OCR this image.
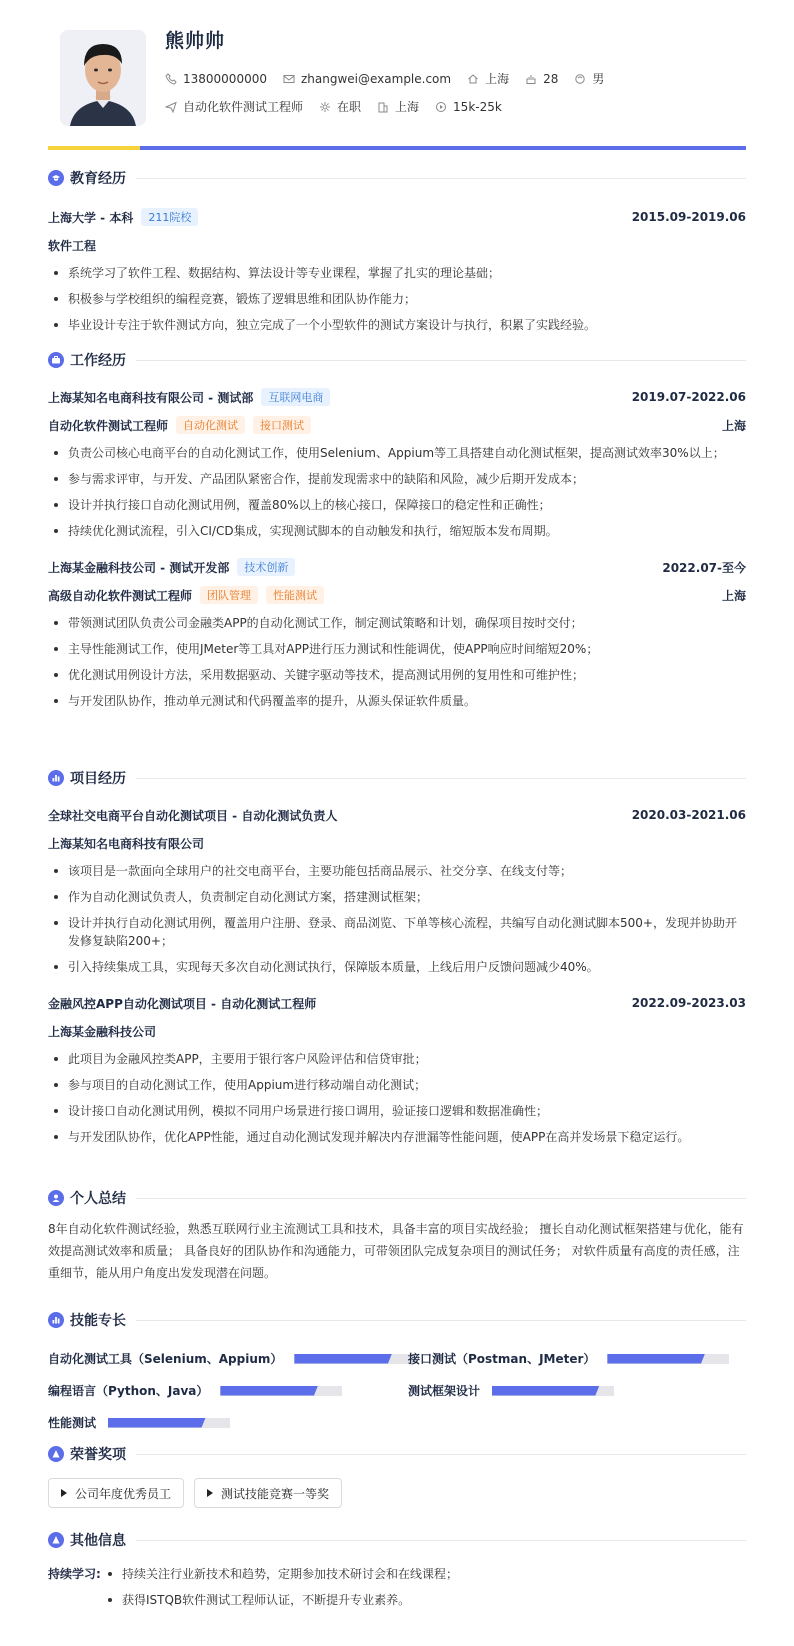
熊帅帅
13800000000	zhangwei@example.com	上海	28	男
自动化软件测试工程师	在职	上海	15k-25k
教育经历
上海大学 - 本科	211院校	2015.09-2019.06
软件工程
系统学习了软件工程、数据结构、算法设计等专业课程，掌握了扎实的理论基础；
积极参与学校组织的编程竞赛，锻炼了逻辑思维和团队协作能力；
毕业设计专注于软件测试方向，独立完成了一个小型软件的测试方案设计与执行，积累了实践经验。
工作经历
上海某知名电商科技有限公司 - 测试部	互联网电商	2019.07-2022.06
自动化软件测试工程师	自动化测试	接口测试	上海
负责公司核心电商平台的自动化测试工作，使用Selenium、Appium等工具搭建自动化测试框架，提高测试效率30%以上；
参与需求评审，与开发、产品团队紧密合作，提前发现需求中的缺陷和风险，减少后期开发成本；
设计并执行接口自动化测试用例，覆盖80%以上的核心接口，保障接口的稳定性和正确性；
持续优化测试流程，引入CI/CD集成，实现测试脚本的自动触发和执行，缩短版本发布周期。
上海某金融科技公司 - 测试开发部	技术创新	2022.07-至今
高级自动化软件测试工程师	团队管理	性能测试	上海
带领测试团队负责公司金融类APP的自动化测试工作，制定测试策略和计划，确保项目按时交付；
主导性能测试工作，使用JMeter等工具对APP进行压力测试和性能调优，使APP响应时间缩短20%；
优化测试用例设计方法，采用数据驱动、关键字驱动等技术，提高测试用例的复用性和可维护性；
与开发团队协作，推动单元测试和代码覆盖率的提升，从源头保证软件质量。
项目经历
全球社交电商平台自动化测试项目 - 自动化测试负责人	2020.03-2021.06
上海某知名电商科技有限公司
该项目是一款面向全球用户的社交电商平台，主要功能包括商品展示、社交分享、在线支付等；
作为自动化测试负责人，负责制定自动化测试方案，搭建测试框架；
设计并执行自动化测试用例，覆盖用户注册、登录、商品浏览、下单等核心流程，共编写自动化测试脚本500+，发现并协助开发修复缺陷200+；
引入持续集成工具，实现每天多次自动化测试执行，保障版本质量，上线后用户反馈问题减少40%。
金融风控APP自动化测试项目 - 自动化测试工程师	2022.09-2023.03
上海某金融科技公司
此项目为金融风控类APP，主要用于银行客户风险评估和信贷审批；
参与项目的自动化测试工作，使用Appium进行移动端自动化测试；
设计接口自动化测试用例，模拟不同用户场景进行接口调用，验证接口逻辑和数据准确性；
与开发团队协作，优化APP性能，通过自动化测试发现并解决内存泄漏等性能问题，使APP在高并发场景下稳定运行。
个人总结
8年自动化软件测试经验，熟悉互联网行业主流测试工具和技术，具备丰富的项目实战经验； 擅长自动化测试框架搭建与优化，能有效提高测试效率和质量； 具备良好的团队协作和沟通能力，可带领团队完成复杂项目的测试任务； 对软件质量有高度的责任感，注重细节，能从用户角度出发发现潜在问题。
技能专长
自动化测试工具（Selenium、Appium）	接口测试（Postman、JMeter）
编程语言（Python、Java）	测试框架设计
性能测试
荣誉奖项
公司年度优秀员工	测试技能竞赛一等奖
其他信息
持续学习:	持续关注行业新技术和趋势，定期参加技术研讨会和在线课程；
获得ISTQB软件测试工程师认证，不断提升专业素养。
